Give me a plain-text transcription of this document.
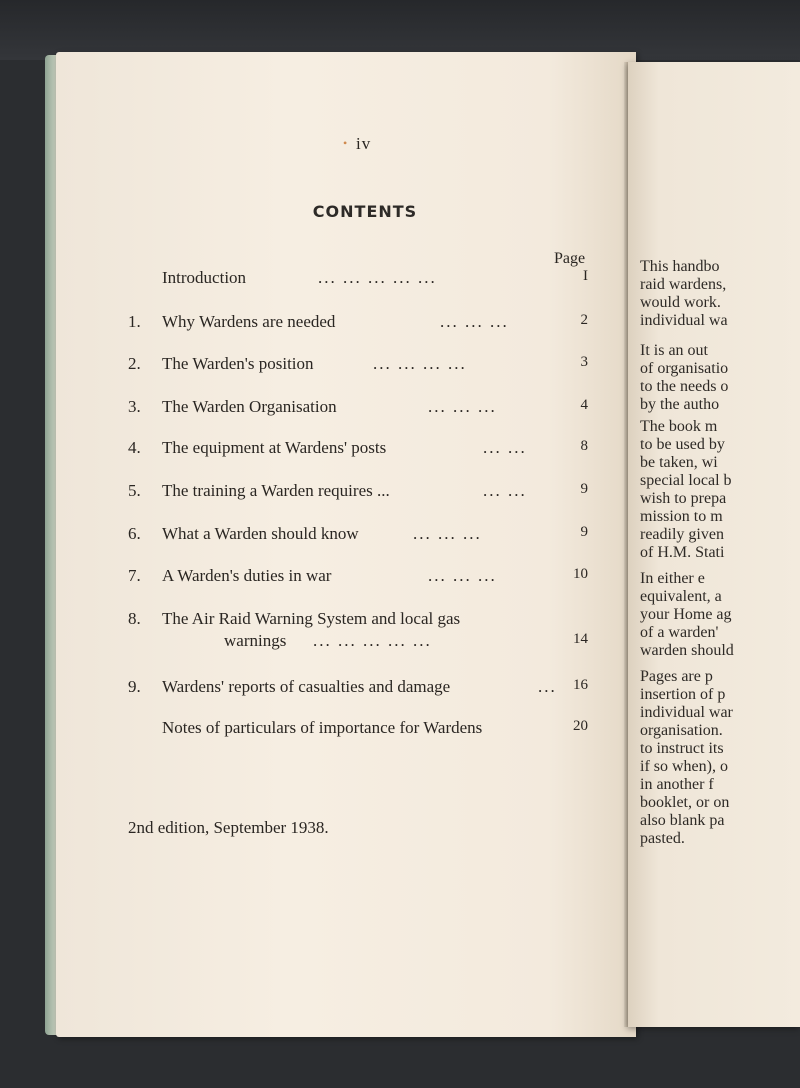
• iv
CONTENTS
Page
Introduction	... ... ... ... ...	I
1. Why Wardens are needed	... ... ...	2
2. The Warden's position	... ... ... ...	3
3. The Warden Organisation	... ... ...	4
4. The equipment at Wardens' posts	... ...	8
5. The training a Warden requires ...	... ...	9
6. What a Warden should know	... ... ...	9
7. A Warden's duties in war	... ... ...	10
8. The Air Raid Warning System and local gas
warnings ... ... ... ... ...	14
9. Wardens' reports of casualties and damage	... 16
Notes of particulars of importance for Wardens	20
2nd edition, September 1938.
This handbo
raid wardens,
would work.
individual wa
It is an out
of organisatio
to the needs o
by the autho
The book m
to be used by
be taken, wi
special local b
wish to prepa
mission to m
readily given
of H.M. Stati
In either e
equivalent, a
your Home ag
of a warden'
warden should
Pages are p
insertion of p
individual war
organisation.
to instruct its
if so when), o
in another f
booklet, or on
also blank pa
pasted.
